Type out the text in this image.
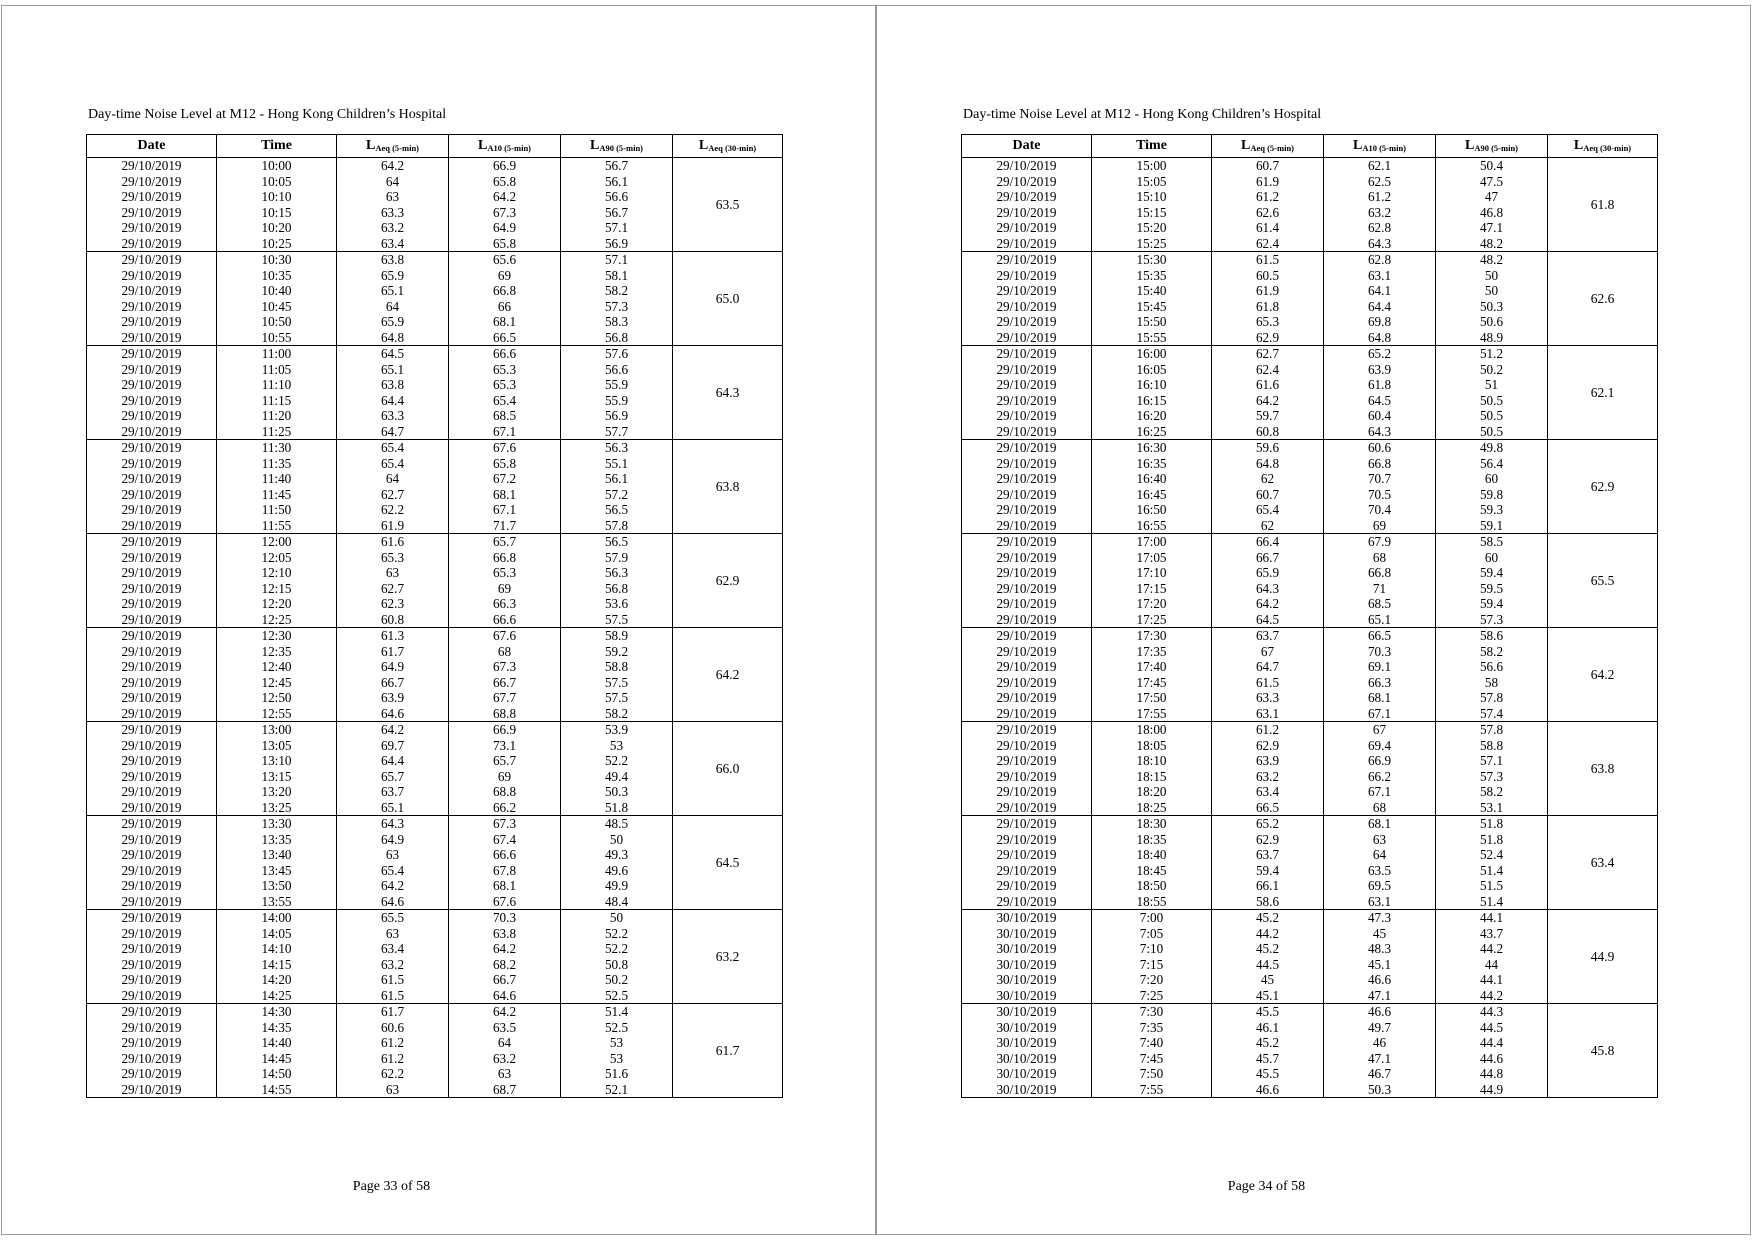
Day-time Noise Level at M12 - Hong Kong Children’s Hospital
Date	Time	$L_{Aeq (5-min)}$	$L_{A10 (5-min)}$	$L_{A90 (5-min)}$	$L_{Aeq (30-min)}$
29/10/2019	10:00	64.2	66.9	56.7	63.5
29/10/2019	10:05	64	65.8	56.1	
29/10/2019	10:10	63	64.2	56.6	
29/10/2019	10:15	63.3	67.3	56.7	
29/10/2019	10:20	63.2	64.9	57.1	
29/10/2019	10:25	63.4	65.8	56.9	
29/10/2019	10:30	63.8	65.6	57.1	65.0
29/10/2019	10:35	65.9	69	58.1	
29/10/2019	10:40	65.1	66.8	58.2	
29/10/2019	10:45	64	66	57.3	
29/10/2019	10:50	65.9	68.1	58.3	
29/10/2019	10:55	64.8	66.5	56.8	
29/10/2019	11:00	64.5	66.6	57.6	64.3
29/10/2019	11:05	65.1	65.3	56.6	
29/10/2019	11:10	63.8	65.3	55.9	
29/10/2019	11:15	64.4	65.4	55.9	
29/10/2019	11:20	63.3	68.5	56.9	
29/10/2019	11:25	64.7	67.1	57.7	
29/10/2019	11:30	65.4	67.6	56.3	63.8
29/10/2019	11:35	65.4	65.8	55.1	
29/10/2019	11:40	64	67.2	56.1	
29/10/2019	11:45	62.7	68.1	57.2	
29/10/2019	11:50	62.2	67.1	56.5	
29/10/2019	11:55	61.9	71.7	57.8	
29/10/2019	12:00	61.6	65.7	56.5	62.9
29/10/2019	12:05	65.3	66.8	57.9	
29/10/2019	12:10	63	65.3	56.3	
29/10/2019	12:15	62.7	69	56.8	
29/10/2019	12:20	62.3	66.3	53.6	
29/10/2019	12:25	60.8	66.6	57.5	
29/10/2019	12:30	61.3	67.6	58.9	64.2
29/10/2019	12:35	61.7	68	59.2	
29/10/2019	12:40	64.9	67.3	58.8	
29/10/2019	12:45	66.7	66.7	57.5	
29/10/2019	12:50	63.9	67.7	57.5	
29/10/2019	12:55	64.6	68.8	58.2	
29/10/2019	13:00	64.2	66.9	53.9	66.0
29/10/2019	13:05	69.7	73.1	53	
29/10/2019	13:10	64.4	65.7	52.2	
29/10/2019	13:15	65.7	69	49.4	
29/10/2019	13:20	63.7	68.8	50.3	
29/10/2019	13:25	65.1	66.2	51.8	
29/10/2019	13:30	64.3	67.3	48.5	64.5
29/10/2019	13:35	64.9	67.4	50	
29/10/2019	13:40	63	66.6	49.3	
29/10/2019	13:45	65.4	67.8	49.6	
29/10/2019	13:50	64.2	68.1	49.9	
29/10/2019	13:55	64.6	67.6	48.4	
29/10/2019	14:00	65.5	70.3	50	63.2
29/10/2019	14:05	63	63.8	52.2	
29/10/2019	14:10	63.4	64.2	52.2	
29/10/2019	14:15	63.2	68.2	50.8	
29/10/2019	14:20	61.5	66.7	50.2	
29/10/2019	14:25	61.5	64.6	52.5	
29/10/2019	14:30	61.7	64.2	51.4	61.7
29/10/2019	14:35	60.6	63.5	52.5	
29/10/2019	14:40	61.2	64	53	
29/10/2019	14:45	61.2	63.2	53	
29/10/2019	14:50	62.2	63	51.6	
29/10/2019	14:55	63	68.7	52.1	
Page 33 of 58
Day-time Noise Level at M12 - Hong Kong Children’s Hospital
Date	Time	$L_{Aeq (5-min)}$	$L_{A10 (5-min)}$	$L_{A90 (5-min)}$	$L_{Aeq (30-min)}$
29/10/2019	15:00	60.7	62.1	50.4	61.8
29/10/2019	15:05	61.9	62.5	47.5	
29/10/2019	15:10	61.2	61.2	47	
29/10/2019	15:15	62.6	63.2	46.8	
29/10/2019	15:20	61.4	62.8	47.1	
29/10/2019	15:25	62.4	64.3	48.2	
29/10/2019	15:30	61.5	62.8	48.2	62.6
29/10/2019	15:35	60.5	63.1	50	
29/10/2019	15:40	61.9	64.1	50	
29/10/2019	15:45	61.8	64.4	50.3	
29/10/2019	15:50	65.3	69.8	50.6	
29/10/2019	15:55	62.9	64.8	48.9	
29/10/2019	16:00	62.7	65.2	51.2	62.1
29/10/2019	16:05	62.4	63.9	50.2	
29/10/2019	16:10	61.6	61.8	51	
29/10/2019	16:15	64.2	64.5	50.5	
29/10/2019	16:20	59.7	60.4	50.5	
29/10/2019	16:25	60.8	64.3	50.5	
29/10/2019	16:30	59.6	60.6	49.8	62.9
29/10/2019	16:35	64.8	66.8	56.4	
29/10/2019	16:40	62	70.7	60	
29/10/2019	16:45	60.7	70.5	59.8	
29/10/2019	16:50	65.4	70.4	59.3	
29/10/2019	16:55	62	69	59.1	
29/10/2019	17:00	66.4	67.9	58.5	65.5
29/10/2019	17:05	66.7	68	60	
29/10/2019	17:10	65.9	66.8	59.4	
29/10/2019	17:15	64.3	71	59.5	
29/10/2019	17:20	64.2	68.5	59.4	
29/10/2019	17:25	64.5	65.1	57.3	
29/10/2019	17:30	63.7	66.5	58.6	64.2
29/10/2019	17:35	67	70.3	58.2	
29/10/2019	17:40	64.7	69.1	56.6	
29/10/2019	17:45	61.5	66.3	58	
29/10/2019	17:50	63.3	68.1	57.8	
29/10/2019	17:55	63.1	67.1	57.4	
29/10/2019	18:00	61.2	67	57.8	63.8
29/10/2019	18:05	62.9	69.4	58.8	
29/10/2019	18:10	63.9	66.9	57.1	
29/10/2019	18:15	63.2	66.2	57.3	
29/10/2019	18:20	63.4	67.1	58.2	
29/10/2019	18:25	66.5	68	53.1	
29/10/2019	18:30	65.2	68.1	51.8	63.4
29/10/2019	18:35	62.9	63	51.8	
29/10/2019	18:40	63.7	64	52.4	
29/10/2019	18:45	59.4	63.5	51.4	
29/10/2019	18:50	66.1	69.5	51.5	
29/10/2019	18:55	58.6	63.1	51.4	
30/10/2019	7:00	45.2	47.3	44.1	44.9
30/10/2019	7:05	44.2	45	43.7	
30/10/2019	7:10	45.2	48.3	44.2	
30/10/2019	7:15	44.5	45.1	44	
30/10/2019	7:20	45	46.6	44.1	
30/10/2019	7:25	45.1	47.1	44.2	
30/10/2019	7:30	45.5	46.6	44.3	45.8
30/10/2019	7:35	46.1	49.7	44.5	
30/10/2019	7:40	45.2	46	44.4	
30/10/2019	7:45	45.7	47.1	44.6	
30/10/2019	7:50	45.5	46.7	44.8	
30/10/2019	7:55	46.6	50.3	44.9	
Page 34 of 58
